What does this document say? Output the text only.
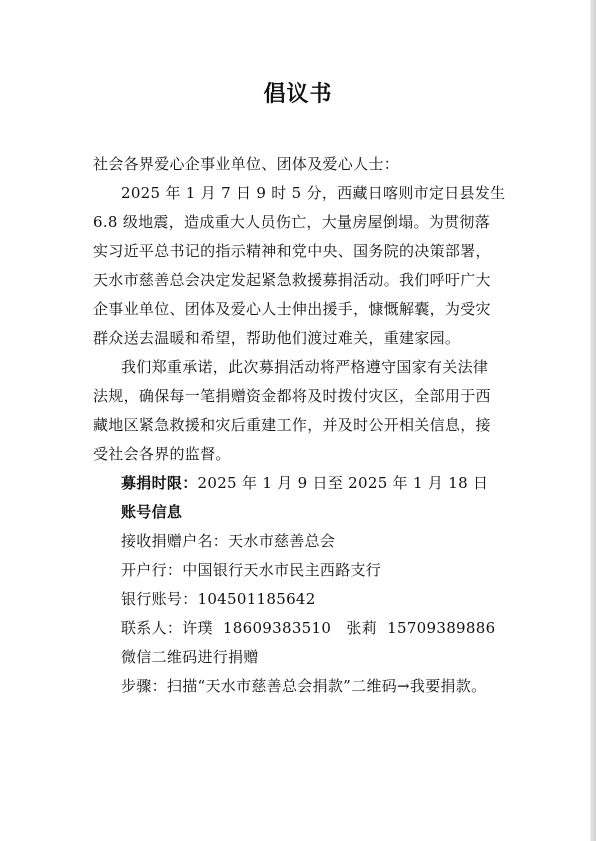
倡议书
社会各界爱心企事业单位、团体及爱心人士：
2025 年 1 月 7 日 9 时 5 分，西藏日喀则市定日县发生
6.8 级地震，造成重大人员伤亡，大量房屋倒塌。为贯彻落
实习近平总书记的指示精神和党中央、国务院的决策部署，
天水市慈善总会决定发起紧急救援募捐活动。我们呼吁广大
企事业单位、团体及爱心人士伸出援手，慷慨解囊，为受灾
群众送去温暖和希望，帮助他们渡过难关，重建家园。
我们郑重承诺，此次募捐活动将严格遵守国家有关法律
法规，确保每一笔捐赠资金都将及时拨付灾区，全部用于西
藏地区紧急救援和灾后重建工作，并及时公开相关信息，接
受社会各界的监督。
募捐时限：2025 年 1 月 9 日至 2025 年 1 月 18 日
账号信息
接收捐赠户名：天水市慈善总会
开户行：中国银行天水市民主西路支行
银行账号：104501185642
联系人：许璞  18609383510   张莉  15709389886
微信二维码进行捐赠
步骤：扫描“天水市慈善总会捐款”二维码→我要捐款。
